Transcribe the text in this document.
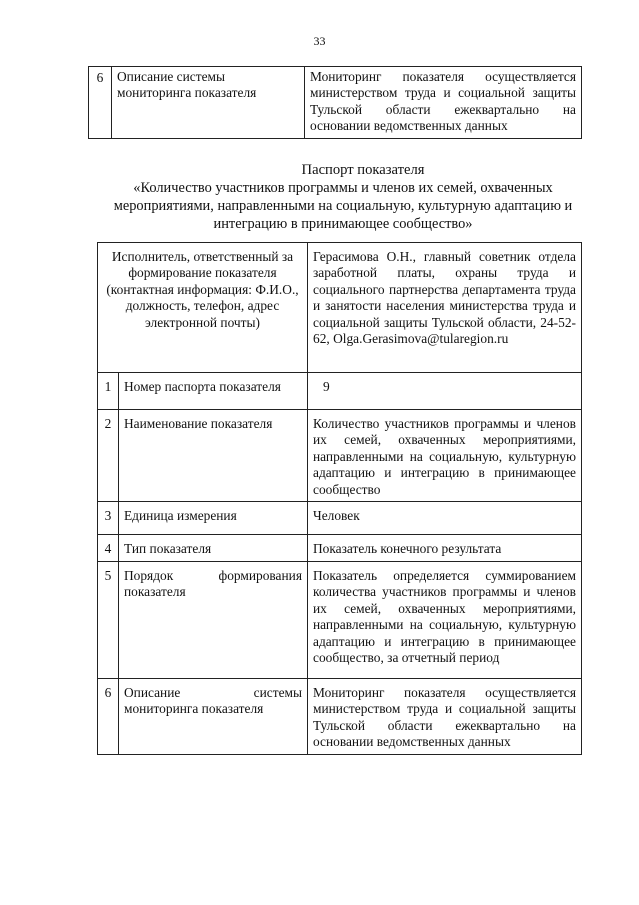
33
6	Описание системы мониторинга показателя	Мониторинг показателя осуществляется министерством труда и социальной защиты Тульской области ежеквартально на основании ведомственных данных
Паспорт показателя
«Количество участников программы и членов их семей, охваченных мероприятиями, направленными на социальную, культурную адаптацию и интеграцию в принимающее сообщество»
Исполнитель, ответственный за формирование показателя (контактная информация: Ф.И.О., должность, телефон, адрес электронной почты)		Герасимова О.Н., главный советник отдела заработной платы, охраны труда и социального партнерства департамента труда и занятости населения министерства труда и социальной защиты Тульской области, 24-52-62, Olga.Gerasimova@tularegion.ru
1	Номер паспорта показателя	9
2	Наименование показателя	Количество участников программы и членов их семей, охваченных мероприятиями, направленными на социальную, культурную адаптацию и интеграцию в принимающее сообщество
3	Единица измерения	Человек
4	Тип показателя	Показатель конечного результата
5	Порядок формирования показателя	Показатель определяется суммированием количества участников программы и членов их семей, охваченных мероприятиями, направленными на социальную, культурную адаптацию и интеграцию в принимающее сообщество, за отчетный период
6	Описание системы мониторинга показателя	Мониторинг показателя осуществляется министерством труда и социальной защиты Тульской области ежеквартально на основании ведомственных данных
